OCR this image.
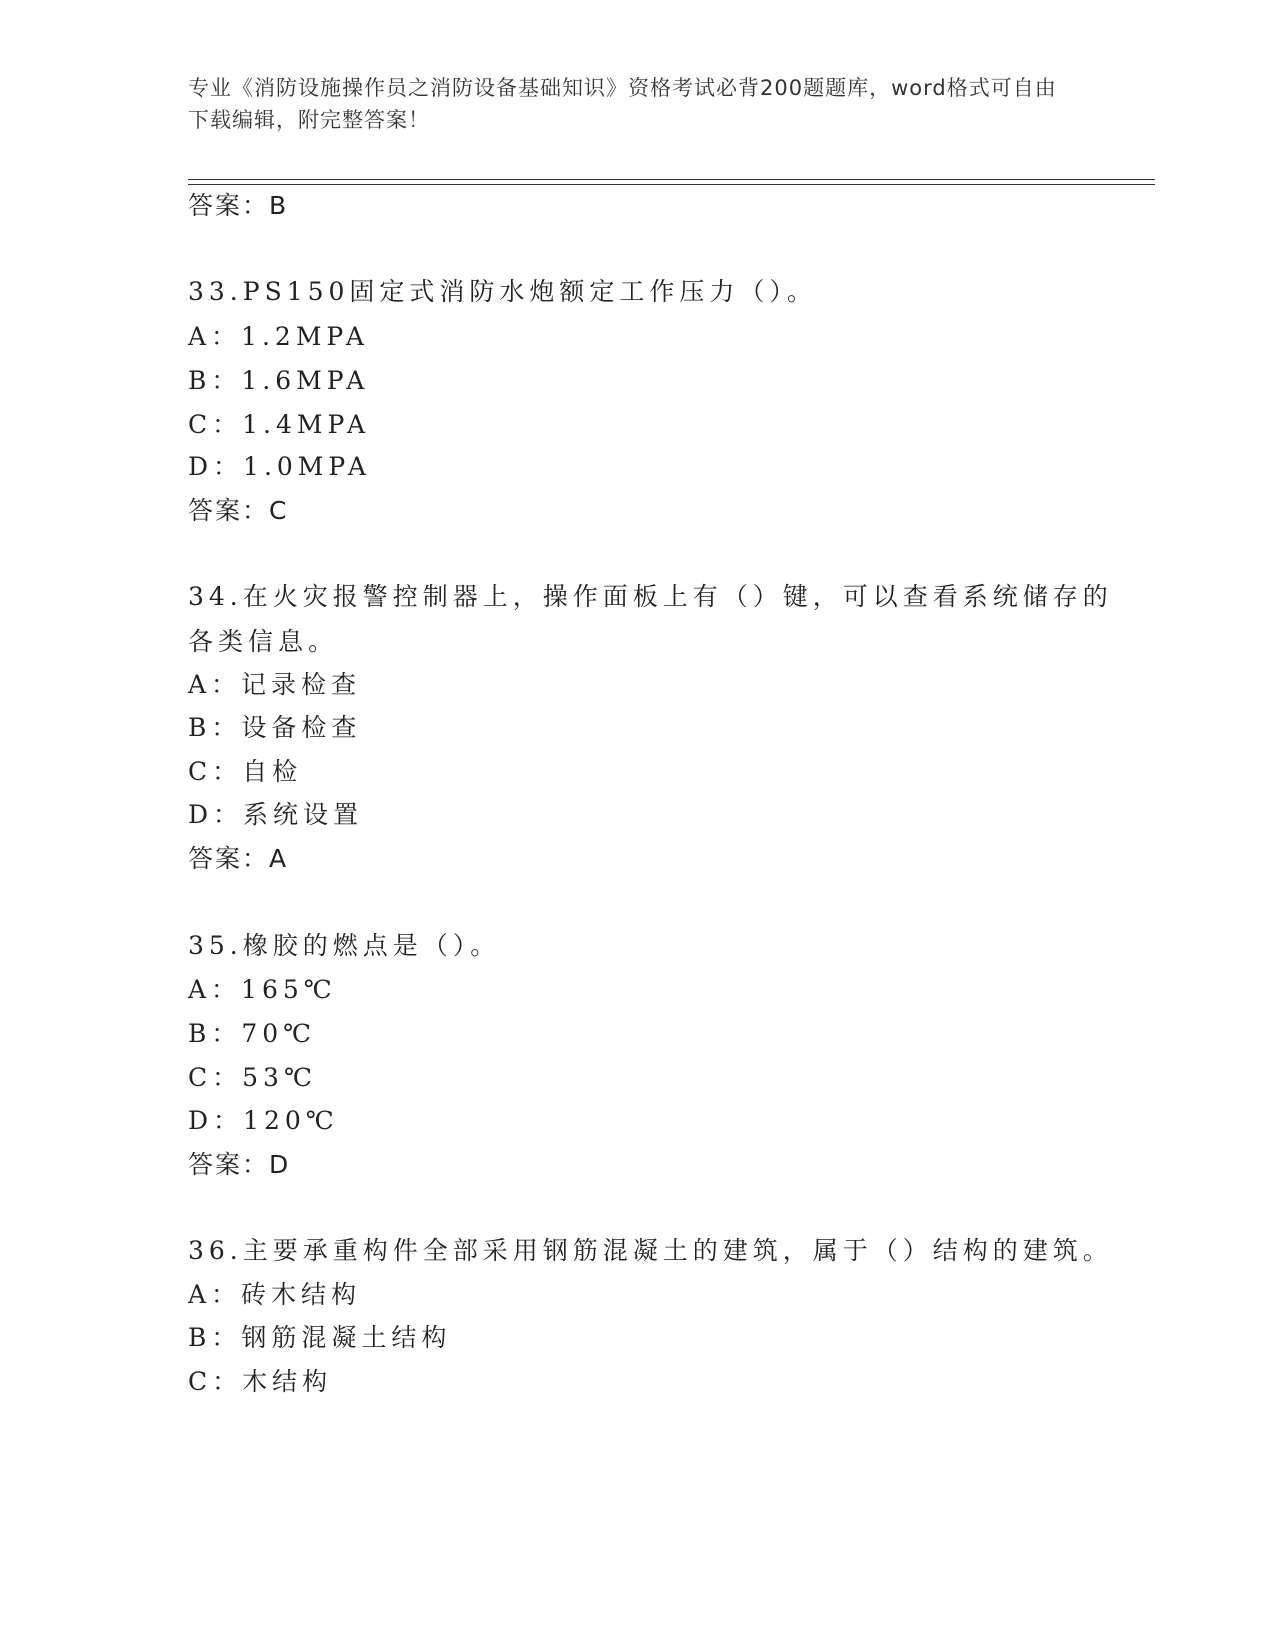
专业《消防设施操作员之消防设备基础知识》资格考试必背200题题库，word格式可自由下载编辑，附完整答案！
答案：B
33.PS150固定式消防水炮额定工作压力（）。
A：1.2MPA
B：1.6MPA
C：1.4MPA
D：1.0MPA
答案：C
34.在火灾报警控制器上，操作面板上有（）键，可以查看系统储存的
各类信息。
A：记录检查
B：设备检查
C：自检
D：系统设置
答案：A
35.橡胶的燃点是（）。
A：165℃
B：70℃
C：53℃
D：120℃
答案：D
36.主要承重构件全部采用钢筋混凝土的建筑，属于（）结构的建筑。
A：砖木结构
B：钢筋混凝土结构
C：木结构
